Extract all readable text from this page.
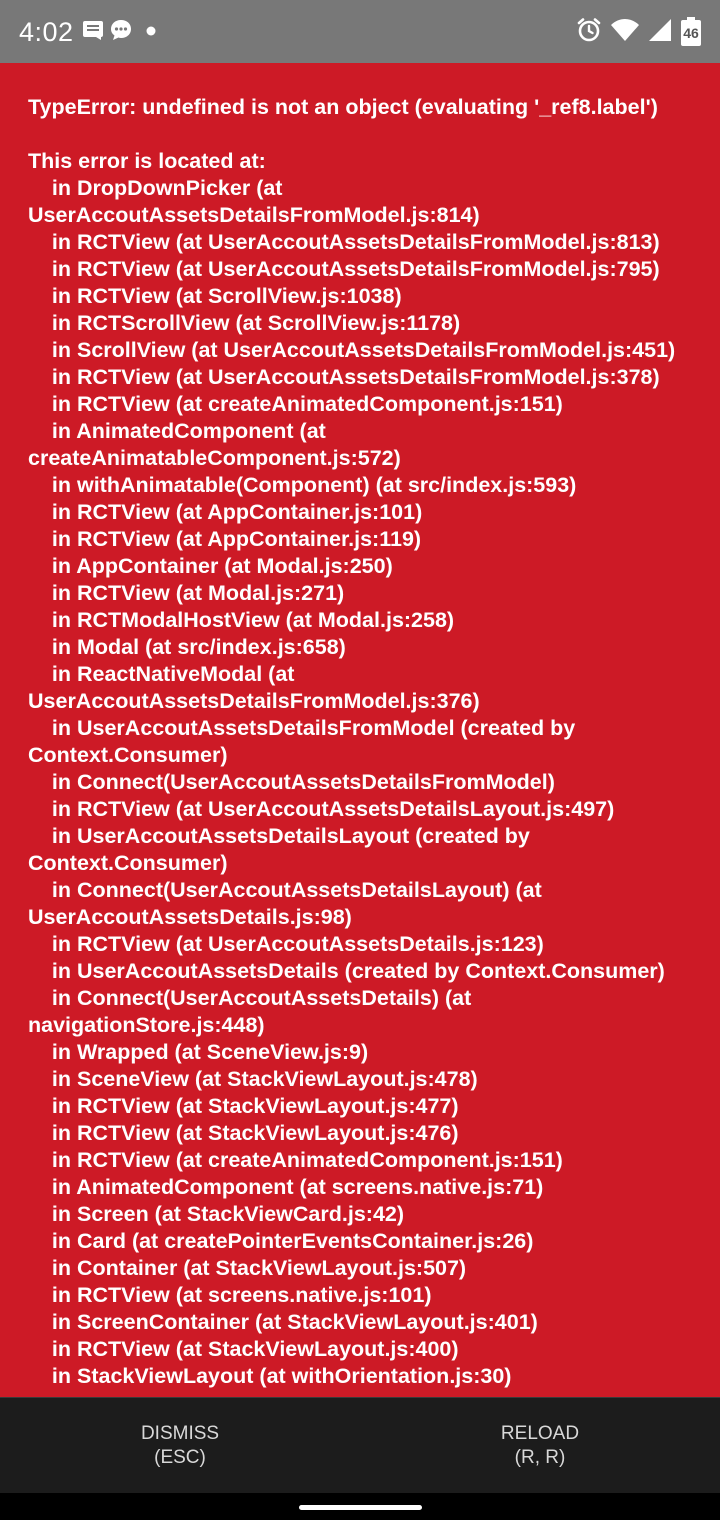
4:02	46
TypeError: undefined is not an object (evaluating '_ref8.label')
This error is located at:
in DropDownPicker (at UserAccoutAssetsDetailsFromModel.js:814)
in RCTView (at UserAccoutAssetsDetailsFromModel.js:813)
in RCTView (at UserAccoutAssetsDetailsFromModel.js:795)
in RCTView (at ScrollView.js:1038)
in RCTScrollView (at ScrollView.js:1178)
in ScrollView (at UserAccoutAssetsDetailsFromModel.js:451)
in RCTView (at UserAccoutAssetsDetailsFromModel.js:378)
in RCTView (at createAnimatedComponent.js:151)
in AnimatedComponent (at createAnimatableComponent.js:572)
in withAnimatable(Component) (at src/index.js:593)
in RCTView (at AppContainer.js:101)
in RCTView (at AppContainer.js:119)
in AppContainer (at Modal.js:250)
in RCTView (at Modal.js:271)
in RCTModalHostView (at Modal.js:258)
in Modal (at src/index.js:658)
in ReactNativeModal (at UserAccoutAssetsDetailsFromModel.js:376)
in UserAccoutAssetsDetailsFromModel (created by Context.Consumer)
in Connect(UserAccoutAssetsDetailsFromModel)
in RCTView (at UserAccoutAssetsDetailsLayout.js:497)
in UserAccoutAssetsDetailsLayout (created by Context.Consumer)
in Connect(UserAccoutAssetsDetailsLayout) (at UserAccoutAssetsDetails.js:98)
in RCTView (at UserAccoutAssetsDetails.js:123)
in UserAccoutAssetsDetails (created by Context.Consumer)
in Connect(UserAccoutAssetsDetails) (at navigationStore.js:448)
in Wrapped (at SceneView.js:9)
in SceneView (at StackViewLayout.js:478)
in RCTView (at StackViewLayout.js:477)
in RCTView (at StackViewLayout.js:476)
in RCTView (at createAnimatedComponent.js:151)
in AnimatedComponent (at screens.native.js:71)
in Screen (at StackViewCard.js:42)
in Card (at createPointerEventsContainer.js:26)
in Container (at StackViewLayout.js:507)
in RCTView (at screens.native.js:101)
in ScreenContainer (at StackViewLayout.js:401)
in RCTView (at StackViewLayout.js:400)
in StackViewLayout (at withOrientation.js:30)
DISMISS
(ESC)
RELOAD
(R, R)
